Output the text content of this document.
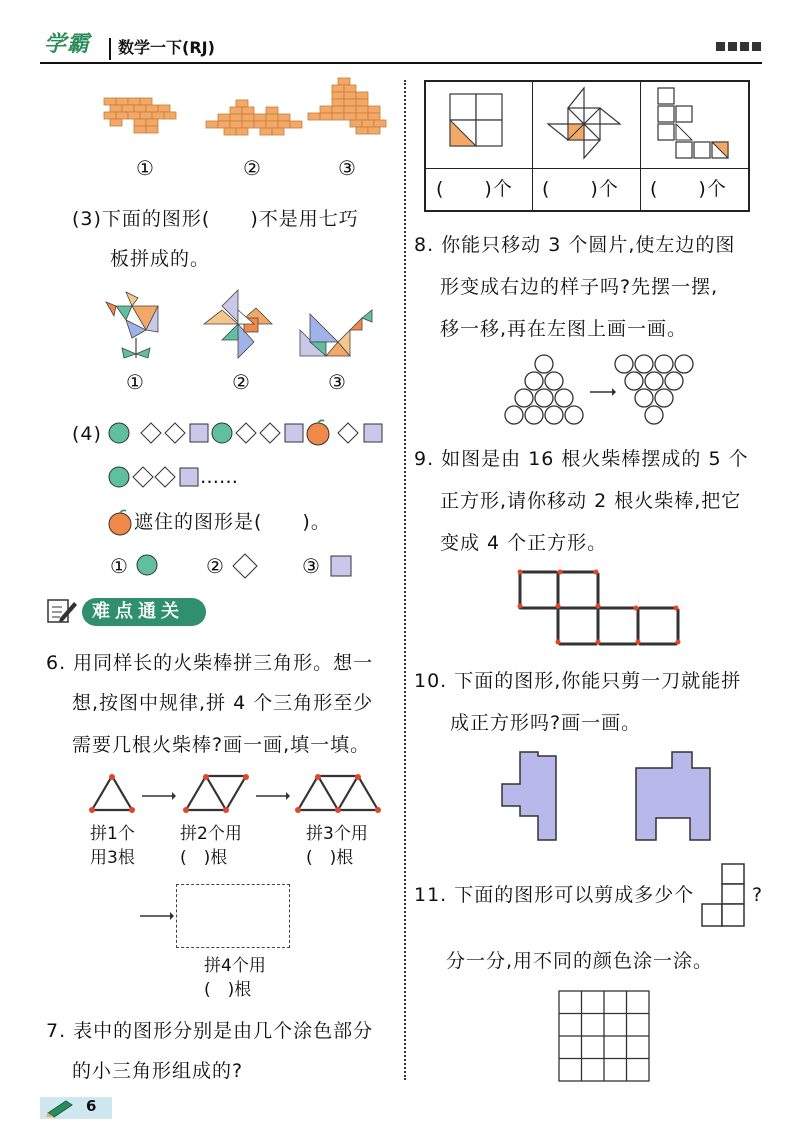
学霸 数学一下(RJ)
①	②	③
(3)下面的图形(　　)不是用七巧
板拼成的。
①	②	③
(4)
……
遮住的图形是(　　)。
①	②	③
难点通关
6. 用同样长的火柴棒拼三角形。想一
想,按图中规律,拼 4 个三角形至少
需要几根火柴棒?画一画,填一填。
拼1个
用3根
拼2个用
(　)根
拼3个用
(　)根
拼4个用
(　)根
7. 表中的图形分别是由几个涂色部分
的小三角形组成的?
(　　)个 (　　)个 (　　)个
8. 你能只移动 3 个圆片,使左边的图
形变成右边的样子吗?先摆一摆,
移一移,再在左图上画一画。
9. 如图是由 16 根火柴棒摆成的 5 个
正方形,请你移动 2 根火柴棒,把它
变成 4 个正方形。
10. 下面的图形,你能只剪一刀就能拼
成正方形吗?画一画。
11. 下面的图形可以剪成多少个	?
分一分,用不同的颜色涂一涂。
6
